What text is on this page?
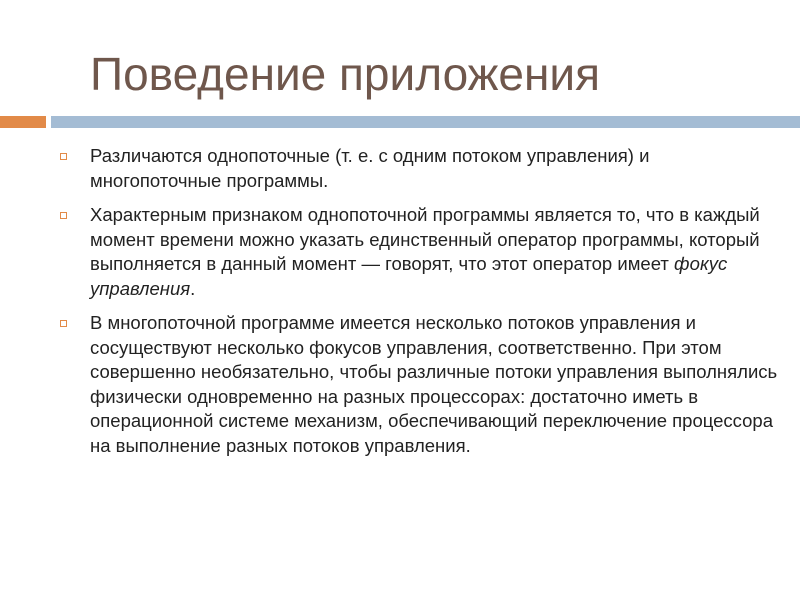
Поведение приложения
Различаются однопоточные (т. е. с одним потоком управления) и многопоточные программы.
Характерным признаком однопоточной программы является то, что в каждый момент времени можно указать единственный оператор программы, который выполняется в данный момент — говорят, что этот оператор имеет фокус управления.
В многопоточной программе имеется несколько потоков управления и сосуществуют несколько фокусов управления, соответственно. При этом совершенно необязательно, чтобы различные потоки управления выполнялись физически одновременно на разных процессорах: достаточно иметь в операционной системе механизм, обеспечивающий переключение процессора на выполнение разных потоков управления.
